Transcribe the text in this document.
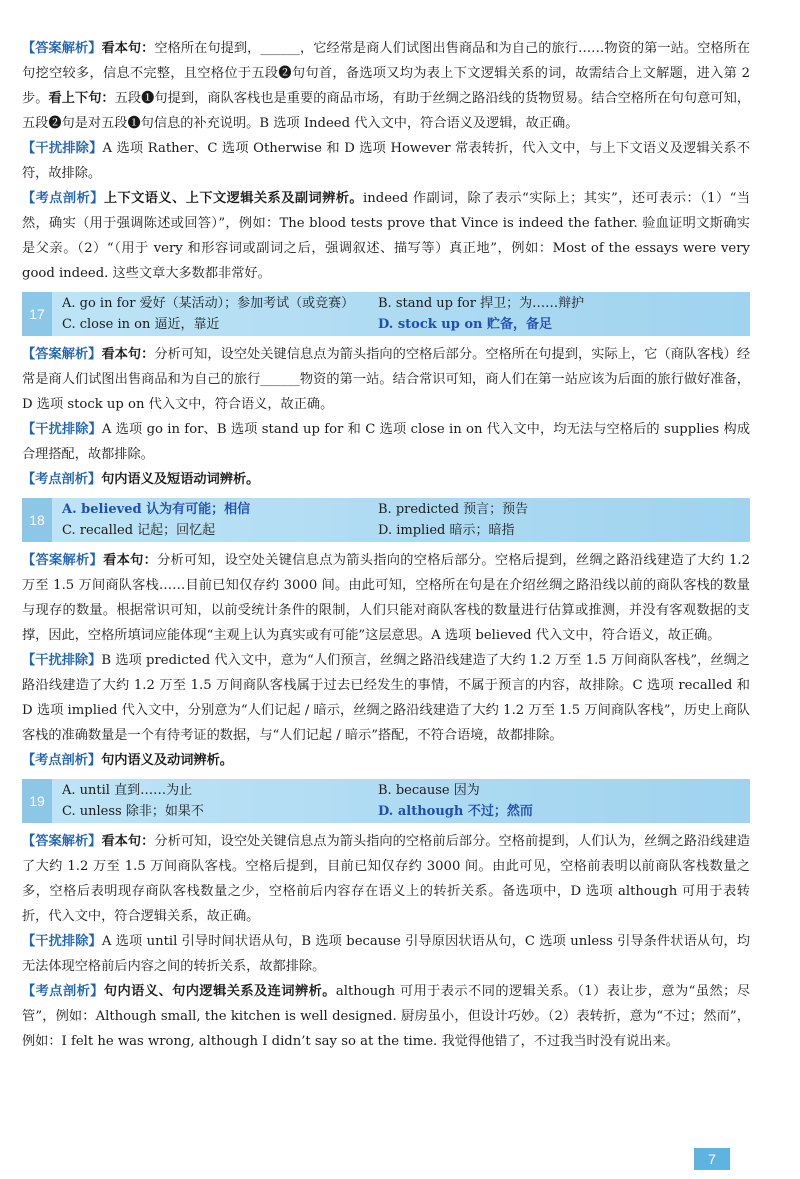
【答案解析】看本句：空格所在句提到，______，它经常是商人们试图出售商品和为自己的旅行……物资的第一站。空格所在句挖空较多，信息不完整，且空格位于五段❷句句首，备选项又均为表上下文逻辑关系的词，故需结合上文解题，进入第 2 步。看上下句：五段❶句提到，商队客栈也是重要的商品市场，有助于丝绸之路沿线的货物贸易。结合空格所在句句意可知，五段❷句是对五段❶句信息的补充说明。B 选项 Indeed 代入文中，符合语义及逻辑，故正确。

【干扰排除】A 选项 Rather、C 选项 Otherwise 和 D 选项 However 常表转折，代入文中，与上下文语义及逻辑关系不符，故排除。

【考点剖析】上下文语义、上下文逻辑关系及副词辨析。indeed 作副词，除了表示“实际上；其实”，还可表示：（1）“当然，确实（用于强调陈述或回答）”，例如：The blood tests prove that Vince is indeed the father. 验血证明文斯确实是父亲。（2）“（用于 very 和形容词或副词之后，强调叙述、描写等）真正地”，例如：Most of the essays were very good indeed. 这些文章大多数都非常好。

17
A. go in for 爱好（某活动）；参加考试（或竞赛）	B. stand up for 捍卫；为……辩护
C. close in on 逼近，靠近	D. stock up on 贮备，备足

【答案解析】看本句：分析可知，设空处关键信息点为箭头指向的空格后部分。空格所在句提到，实际上，它（商队客栈）经常是商人们试图出售商品和为自己的旅行______物资的第一站。结合常识可知，商人们在第一站应该为后面的旅行做好准备，D 选项 stock up on 代入文中，符合语义，故正确。

【干扰排除】A 选项 go in for、B 选项 stand up for 和 C 选项 close in on 代入文中，均无法与空格后的 supplies 构成合理搭配，故都排除。

【考点剖析】句内语义及短语动词辨析。

18
A. believed 认为有可能；相信	B. predicted 预言；预告
C. recalled 记起；回忆起	D. implied 暗示；暗指

【答案解析】看本句：分析可知，设空处关键信息点为箭头指向的空格后部分。空格后提到，丝绸之路沿线建造了大约 1.2 万至 1.5 万间商队客栈……目前已知仅存约 3000 间。由此可知，空格所在句是在介绍丝绸之路沿线以前的商队客栈的数量与现存的数量。根据常识可知，以前受统计条件的限制，人们只能对商队客栈的数量进行估算或推测，并没有客观数据的支撑，因此，空格所填词应能体现“主观上认为真实或有可能”这层意思。A 选项 believed 代入文中，符合语义，故正确。

【干扰排除】B 选项 predicted 代入文中，意为“人们预言，丝绸之路沿线建造了大约 1.2 万至 1.5 万间商队客栈”，丝绸之路沿线建造了大约 1.2 万至 1.5 万间商队客栈属于过去已经发生的事情，不属于预言的内容，故排除。C 选项 recalled 和 D 选项 implied 代入文中，分别意为“人们记起 / 暗示，丝绸之路沿线建造了大约 1.2 万至 1.5 万间商队客栈”，历史上商队客栈的准确数量是一个有待考证的数据，与“人们记起 / 暗示”搭配，不符合语境，故都排除。

【考点剖析】句内语义及动词辨析。

19
A. until 直到……为止	B. because 因为
C. unless 除非；如果不	D. although 不过；然而

【答案解析】看本句：分析可知，设空处关键信息点为箭头指向的空格前后部分。空格前提到，人们认为，丝绸之路沿线建造了大约 1.2 万至 1.5 万间商队客栈。空格后提到，目前已知仅存约 3000 间。由此可见，空格前表明以前商队客栈数量之多，空格后表明现存商队客栈数量之少，空格前后内容存在语义上的转折关系。备选项中，D 选项 although 可用于表转折，代入文中，符合逻辑关系，故正确。

【干扰排除】A 选项 until 引导时间状语从句，B 选项 because 引导原因状语从句，C 选项 unless 引导条件状语从句，均无法体现空格前后内容之间的转折关系，故都排除。

【考点剖析】句内语义、句内逻辑关系及连词辨析。although 可用于表示不同的逻辑关系。（1）表让步，意为“虽然；尽管”，例如：Although small, the kitchen is well designed. 厨房虽小，但设计巧妙。（2）表转折，意为“不过；然而”，例如：I felt he was wrong, although I didn’t say so at the time. 我觉得他错了，不过我当时没有说出来。

7
